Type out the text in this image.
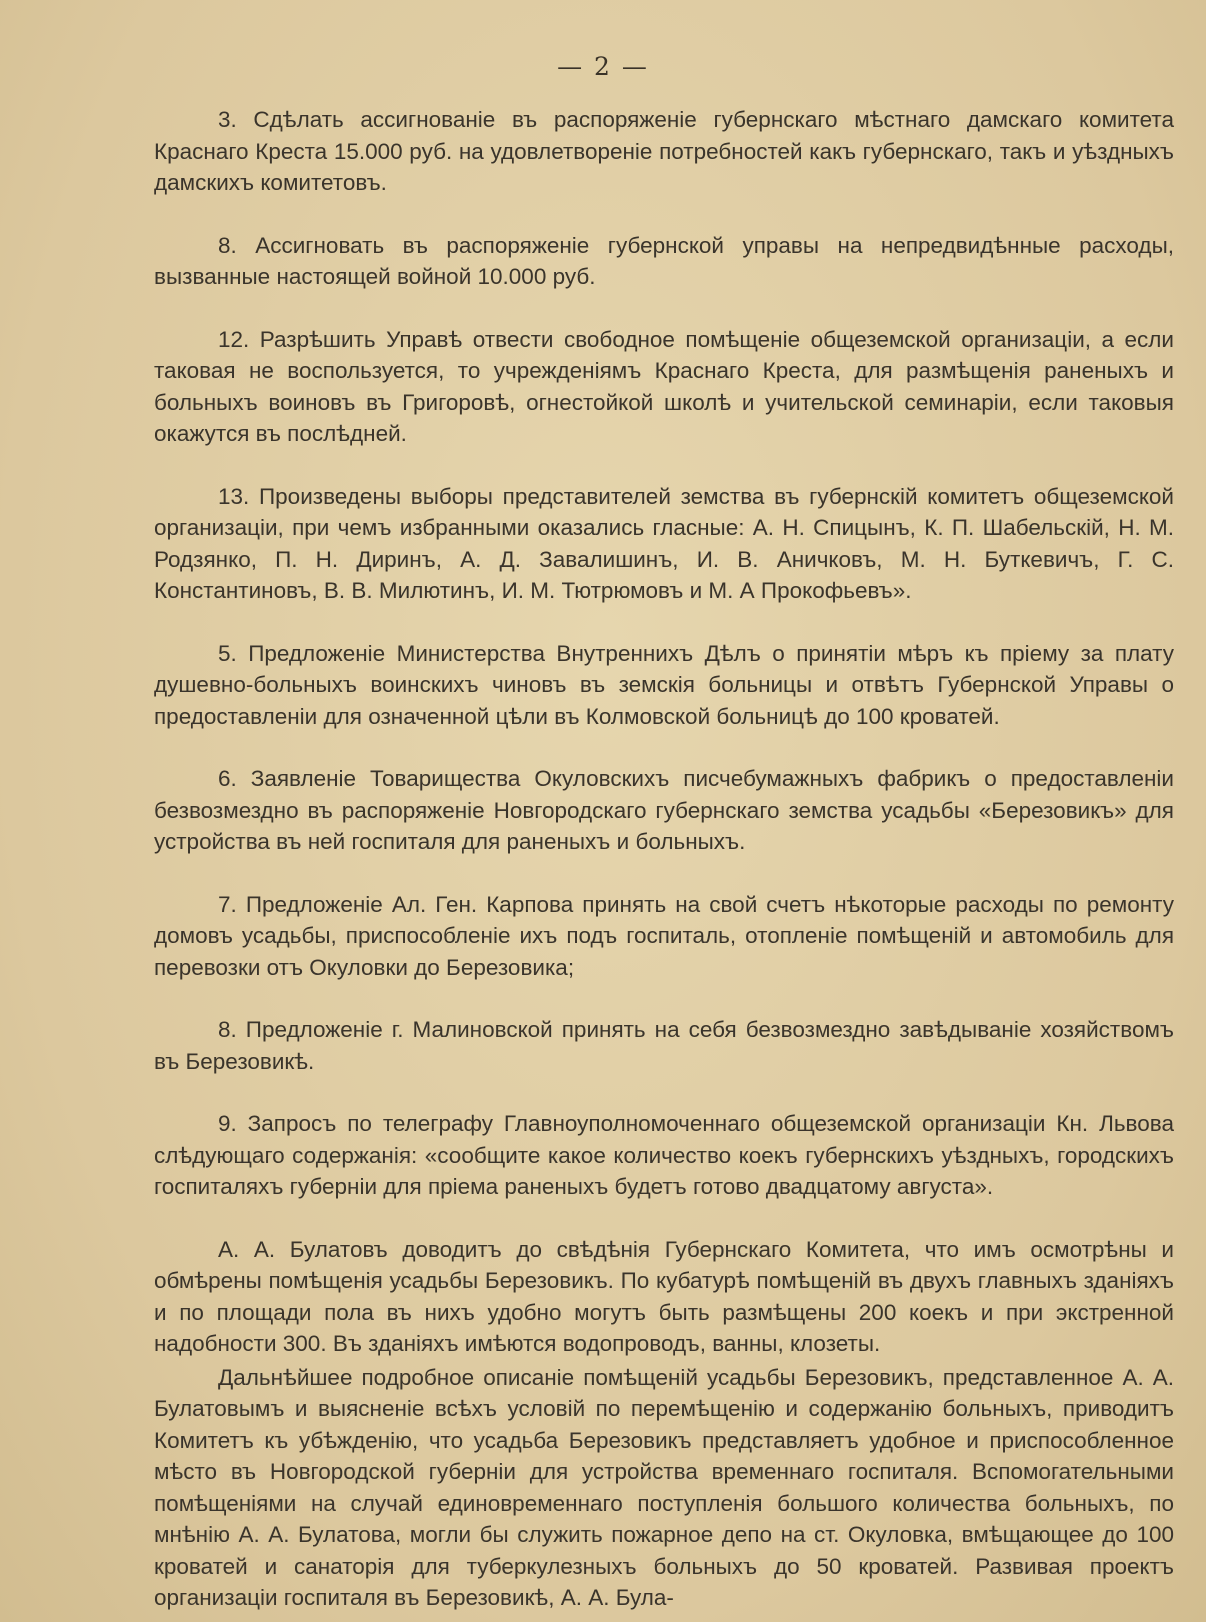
— 2 —

3. Сдѣлать ассигнованіе въ распоряженіе губернскаго мѣстнаго дамскаго комитета Краснаго Креста 15.000 руб. на удовлетвореніе потребностей какъ губернскаго, такъ и уѣздныхъ дамскихъ комитетовъ.

8. Ассигновать въ распоряженіе губернской управы на непредвидѣнные расходы, вызванные настоящей войной 10.000 руб.

12. Разрѣшить Управѣ отвести свободное помѣщеніе общеземской организаціи, а если таковая не воспользуется, то учрежденіямъ Краснаго Креста, для размѣщенія раненыхъ и больныхъ воиновъ въ Григоровѣ, огнестойкой школѣ и учительской семинаріи, если таковыя окажутся въ послѣдней.

13. Произведены выборы представителей земства въ губернскій комитетъ общеземской организаціи, при чемъ избранными оказались гласные: А. Н. Спицынъ, К. П. Шабельскій, Н. М. Родзянко, П. Н. Диринъ, А. Д. Завалишинъ, И. В. Аничковъ, М. Н. Буткевичъ, Г. С. Константиновъ, В. В. Милютинъ, И. М. Тютрюмовъ и М. А Прокофьевъ».

5. Предложеніе Министерства Внутреннихъ Дѣлъ о принятіи мѣръ къ пріему за плату душевно-больныхъ воинскихъ чиновъ въ земскія больницы и отвѣтъ Губернской Управы о предоставленіи для означенной цѣли въ Колмовской больницѣ до 100 кроватей.

6. Заявленіе Товарищества Окуловскихъ писчебумажныхъ фабрикъ о предоставленіи безвозмездно въ распоряженіе Новгородскаго губернскаго земства усадьбы «Березовикъ» для устройства въ ней госпиталя для раненыхъ и больныхъ.

7. Предложеніе Ал. Ген. Карпова принять на свой счетъ нѣкоторые расходы по ремонту домовъ усадьбы, приспособленіе ихъ подъ госпиталь, отопленіе помѣщеній и автомобиль для перевозки отъ Окуловки до Березовика;

8. Предложеніе г. Малиновской принять на себя безвозмездно завѣдываніе хозяйствомъ въ Березовикѣ.

9. Запросъ по телеграфу Главноуполномоченнаго общеземской организаціи Кн. Львова слѣдующаго содержанія: «сообщите какое количество коекъ губернскихъ уѣздныхъ, городскихъ госпиталяхъ губерніи для пріема раненыхъ будетъ готово двадцатому августа».

А. А. Булатовъ доводитъ до свѣдѣнія Губернскаго Комитета, что имъ осмотрѣны и обмѣрены помѣщенія усадьбы Березовикъ. По кубатурѣ помѣщеній въ двухъ главныхъ зданіяхъ и по площади пола въ нихъ удобно могутъ быть размѣщены 200 коекъ и при экстренной надобности 300. Въ зданіяхъ имѣются водопроводъ, ванны, клозеты.

Дальнѣйшее подробное описаніе помѣщеній усадьбы Березовикъ, представленное А. А. Булатовымъ и выясненіе всѣхъ условій по перемѣщенію и содержанію больныхъ, приводитъ Комитетъ къ убѣжденію, что усадьба Березовикъ представляетъ удобное и приспособленное мѣсто въ Новгородской губерніи для устройства временнаго госпиталя. Вспомогательными помѣщеніями на случай единовременнаго поступленія большого количества больныхъ, по мнѣнію А. А. Булатова, могли бы служить пожарное депо на ст. Окуловка, вмѣщающее до 100 кроватей и санаторія для туберкулезныхъ больныхъ до 50 кроватей. Развивая проектъ организаціи госпиталя въ Березовикѣ, А. А. Була-
